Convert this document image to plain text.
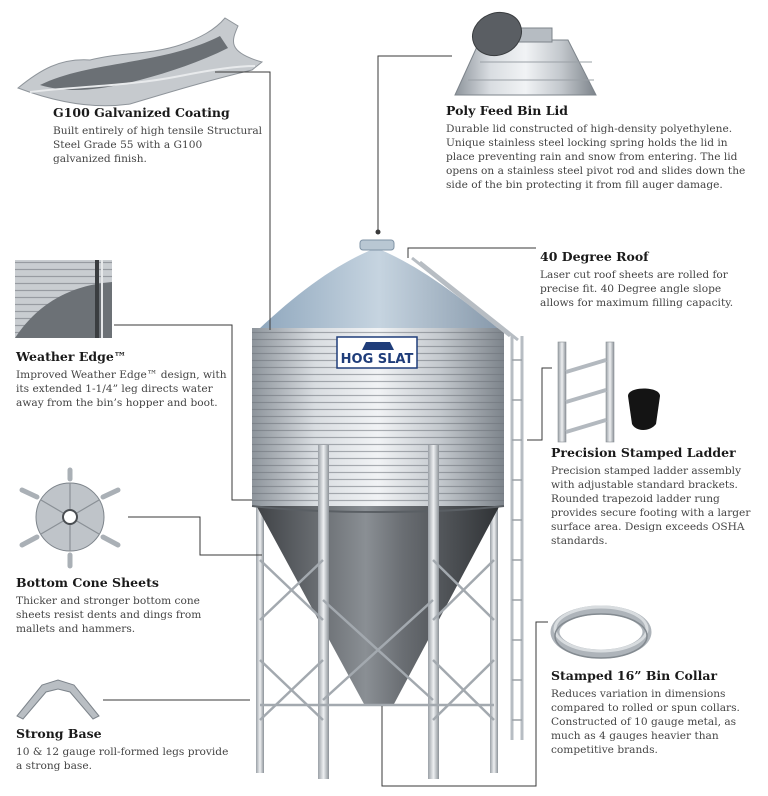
HOG SLAT
G100 Galvanized Coating

Built entirely of high tensile Structural Steel Grade 55 with a G100 galvanized finish.

Poly Feed Bin Lid

Durable lid constructed of high-density polyethylene. Unique stainless steel locking spring holds the lid in place preventing rain and snow from entering. The lid opens on a stainless steel pivot rod and slides down the side of the bin protecting it from fill auger damage.

40 Degree Roof

Laser cut roof sheets are rolled for precise fit. 40 Degree angle slope allows for maximum filling capacity.

Weather Edge™

Improved Weather Edge™ design, with its extended 1-1/4” leg directs water away from the bin’s hopper and boot.

Precision Stamped Ladder

Precision stamped ladder assembly with adjustable standard brackets. Rounded trapezoid ladder rung provides secure footing with a larger surface area. Design exceeds OSHA standards.

Bottom Cone Sheets

Thicker and stronger bottom cone sheets resist dents and dings from mallets and hammers.

Stamped 16” Bin Collar

Reduces variation in dimensions compared to rolled or spun collars. Constructed of 10 gauge metal, as much as 4 gauges heavier than competitive brands.

Strong Base

10 & 12 gauge roll-formed legs provide a strong base.
